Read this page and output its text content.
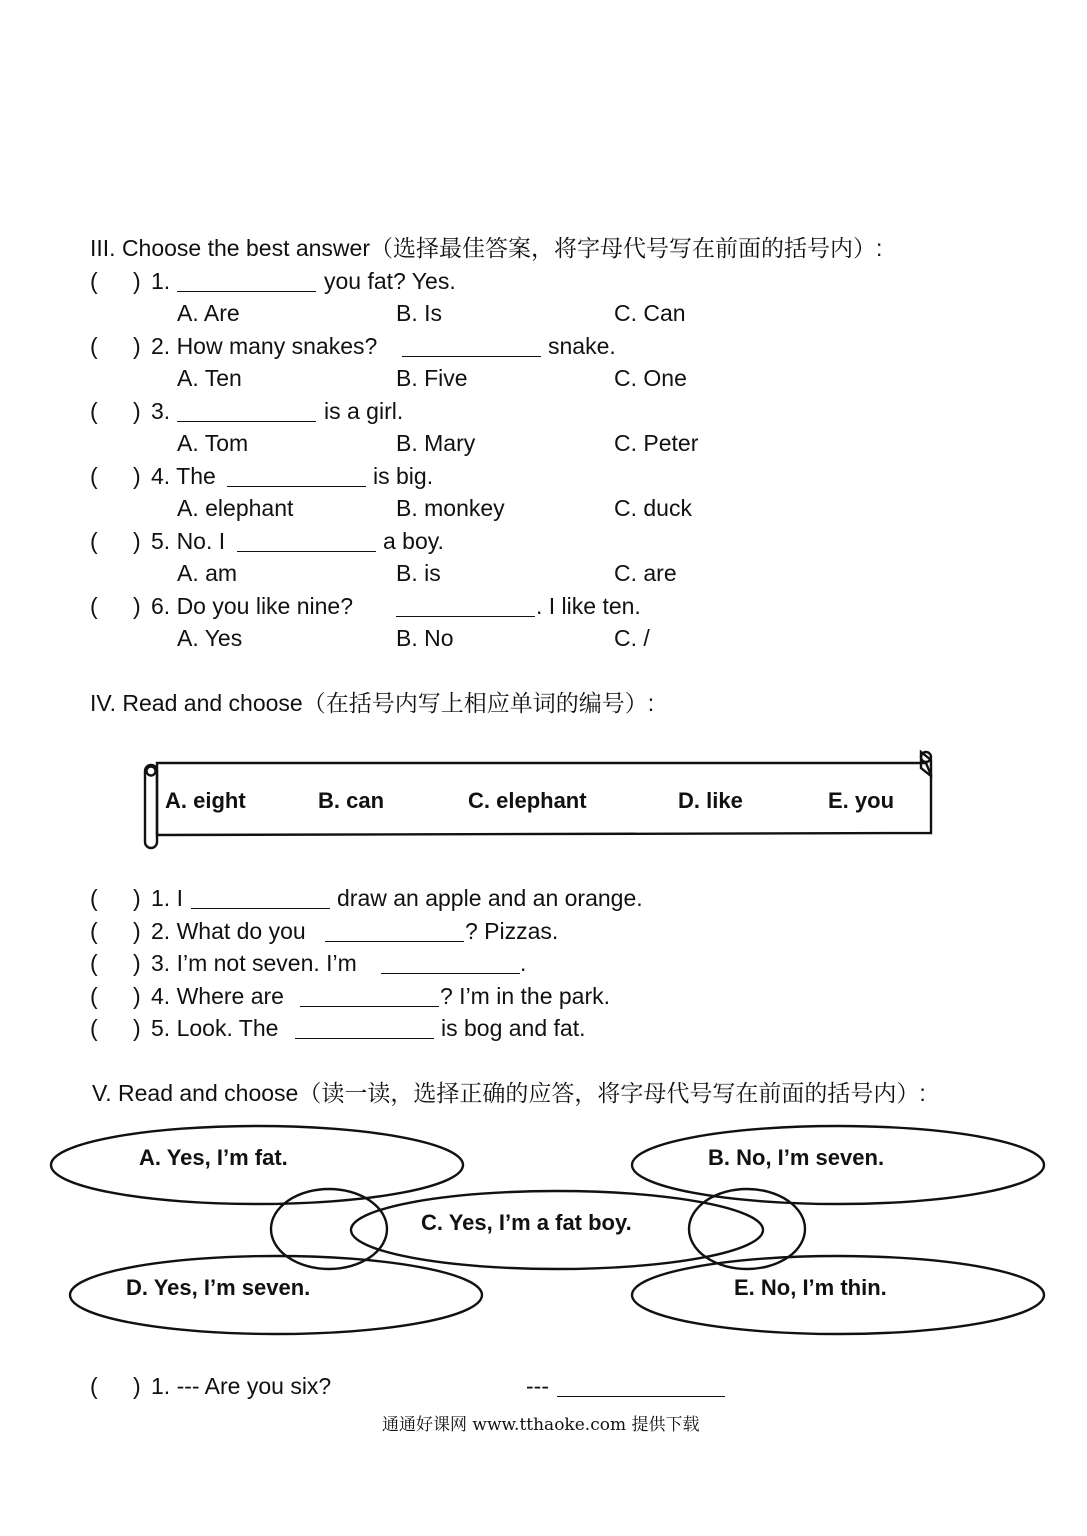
III. Choose the best answer（选择最佳答案，将字母代号写在前面的括号内）:
( ) 1.	you fat? Yes.
A. Are	B. Is	C. Can
( ) 2. How many snakes?	snake.
A. Ten	B. Five	C. One
( ) 3.	is a girl.
A. Tom	B. Mary	C. Peter
( ) 4. The	is big.
A. elephant	B. monkey	C. duck
( ) 5. No. I	a boy.
A. am	B. is	C. are
( ) 6. Do you like nine?	. I like ten.
A. Yes	B. No	C. /
IV. Read and choose（在括号内写上相应单词的编号）:
A. eight	B. can	C. elephant	D. like	E. you
( ) 1. I	draw an apple and an orange.
( ) 2. What do you	? Pizzas.
( ) 3. I’m not seven. I’m	.
( ) 4. Where are	? I’m in the park.
( ) 5. Look. The	is bog and fat.
V. Read and choose（读一读，选择正确的应答，将字母代号写在前面的括号内）:
A. Yes, I’m fat.	B. No, I’m seven.
C. Yes, I’m a fat boy.
D. Yes, I’m seven.	E. No, I’m thin.
( ) 1. --- Are you six?	---
通通好课网 www.tthaoke.com 提供下载
